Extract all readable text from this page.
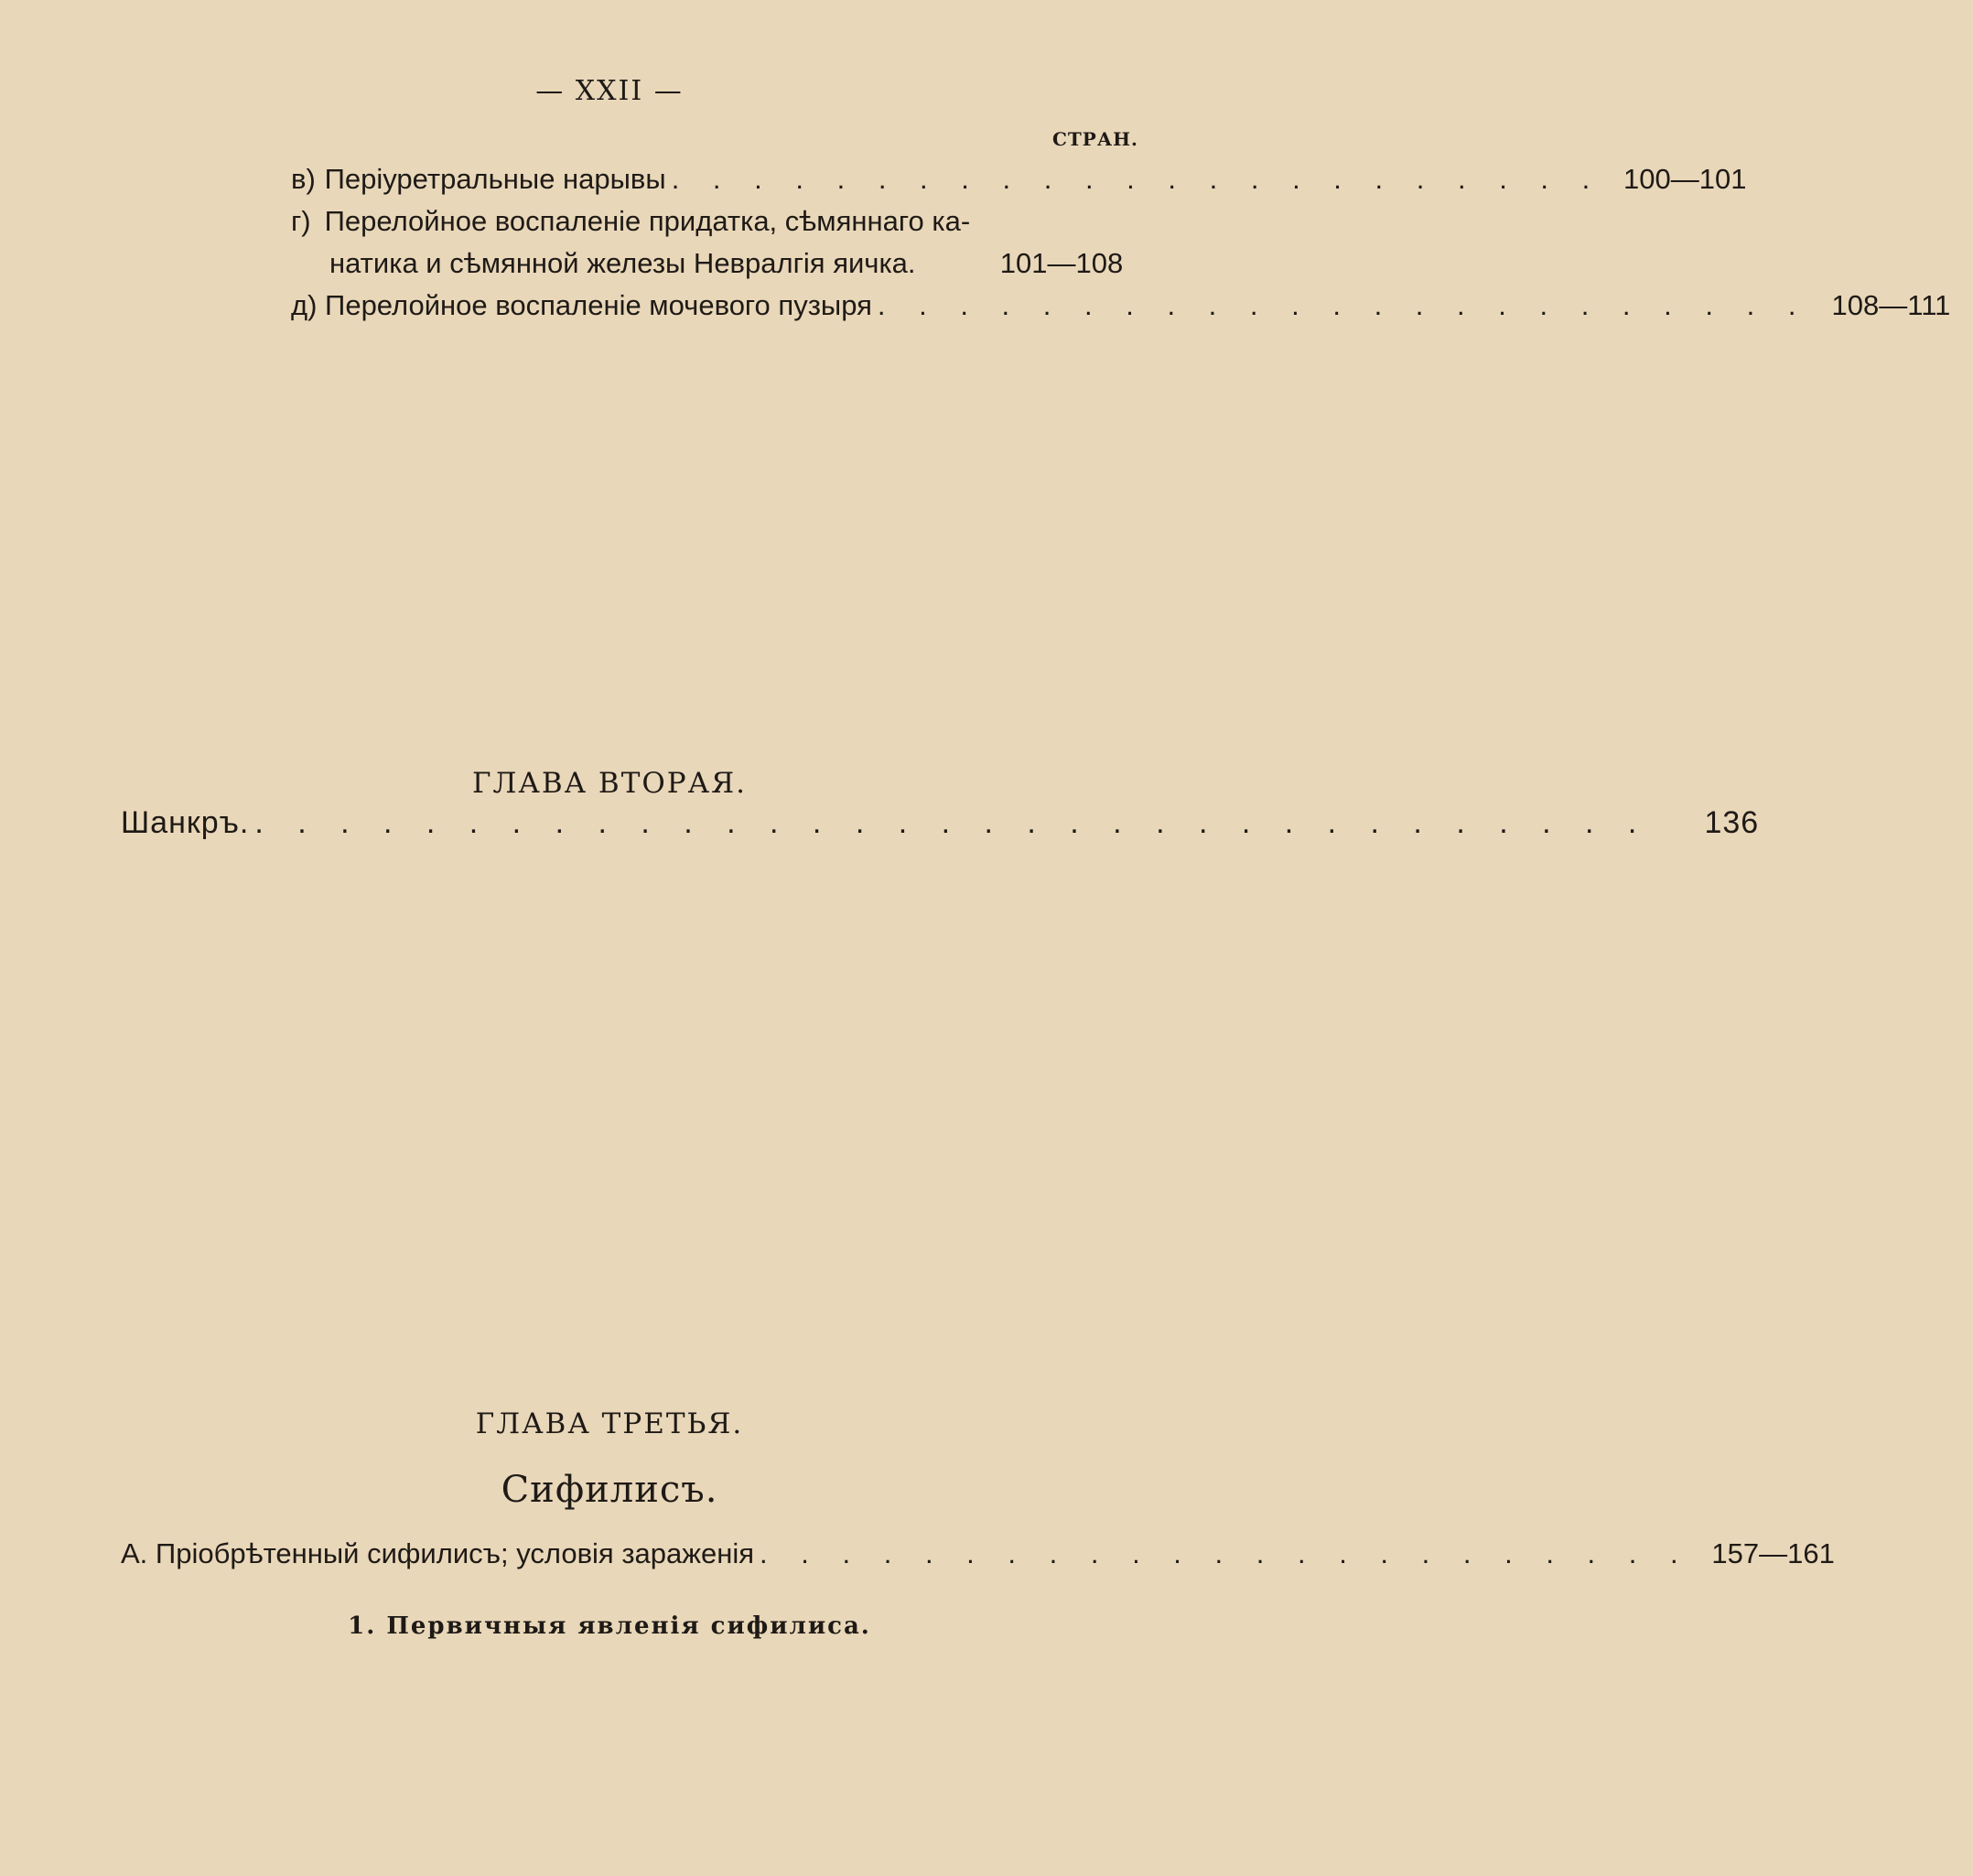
— XXII —
СТРАН.
в) Періуретральные нарывы . . . . . . . . . . . . . . . . . . . . . . . 100—101
г) Перелойное воспаленіе придатка, сѣмяннаго ка-
натика и сѣмянной железы Невралгія яичка.	101—108
д) Перелойное воспаленіе мочевого пузыря . . . . . . . . . . . . . . . . . . . . . . . 108—111
ГЛАВА ВТОРАЯ.
Шанкръ. . . . . . . . . . . . . . . . . . . . . . . . . . . . . . . . . .	136
ГЛАВА ТРЕТЬЯ.
Сифилисъ.
А. Пріобрѣтенный сифилисъ; условія зараженія . . . . . . . . . . . . . . . . . . . . . . . 157—161
1. Первичныя явленія сифилиса.
